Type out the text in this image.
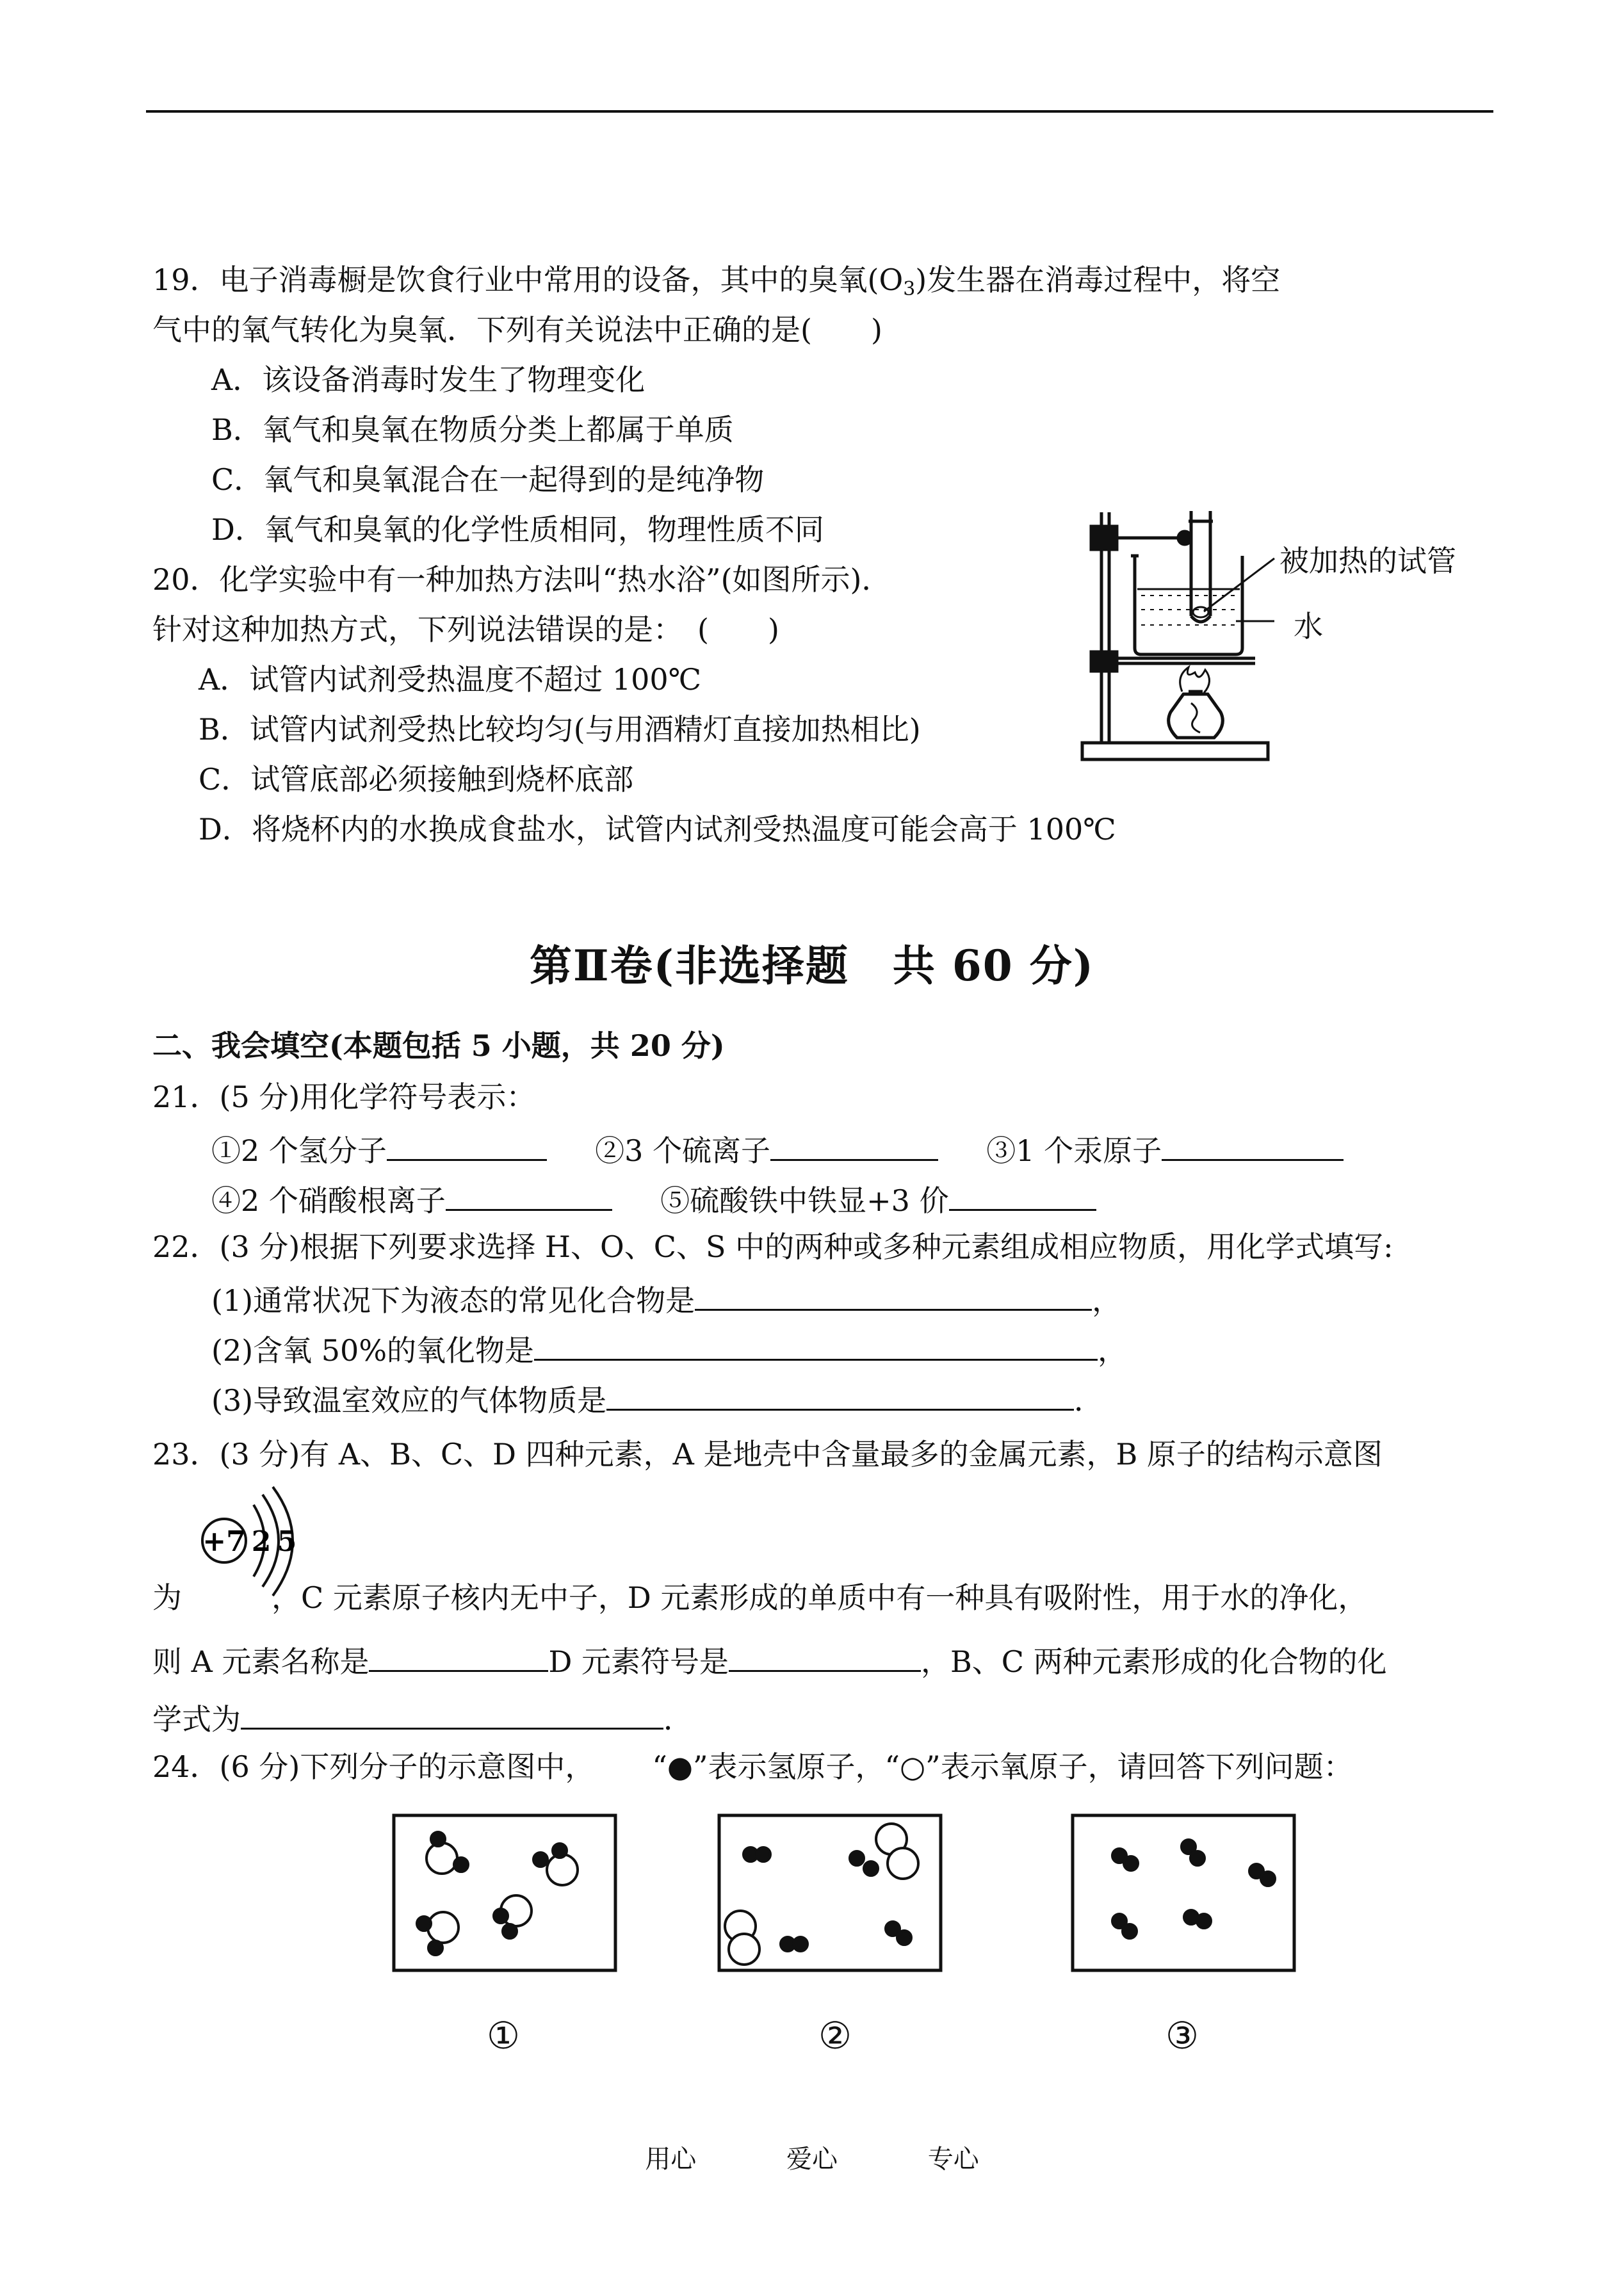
19．电子消毒橱是饮食行业中常用的设备，其中的臭氧$(O_3)$发生器在消毒过程中，将空
气中的氧气转化为臭氧．下列有关说法中正确的是(　　)
A．该设备消毒时发生了物理变化
B．氧气和臭氧在物质分类上都属于单质
C．氧气和臭氧混合在一起得到的是纯净物
D．氧气和臭氧的化学性质相同，物理性质不同
20．化学实验中有一种加热方法叫“热水浴”(如图所示)．
针对这种加热方式，下列说法错误的是：　(　　)
A．试管内试剂受热温度不超过 100℃
B．试管内试剂受热比较均匀(与用酒精灯直接加热相比)
C．试管底部必须接触到烧杯底部
D．将烧杯内的水换成食盐水，试管内试剂受热温度可能会高于 100℃
被加热的试管
水
第Ⅱ卷(非选择题　共 60 分)
二、我会填空(本题包括 5 小题，共 20 分)
21．(5 分)用化学符号表示：
①2 个氢分子	②3 个硫离子	③1 个汞原子
④2 个硝酸根离子	⑤硫酸铁中铁显+3 价
22．(3 分)根据下列要求选择 H、O、C、S 中的两种或多种元素组成相应物质，用化学式填写:
(1)通常状况下为液态的常见化合物是	，
(2)含氧 50%的氧化物是	，
(3)导致温室效应的气体物质是	．
23．(3 分)有 A、B、C、D 四种元素，A 是地壳中含量最多的金属元素，B 原子的结构示意图
+7 2 5
为	，C 元素原子核内无中子，D 元素形成的单质中有一种具有吸附性，用于水的净化，
则 A 元素名称是	D 元素符号是	，B、C 两种元素形成的化合物的化
学式为	．
24．(6 分)下列分子的示意图中， “●”表示氢原子，“○”表示氧原子，请回答下列问题：
①	②	③
用心	爱心	专心
